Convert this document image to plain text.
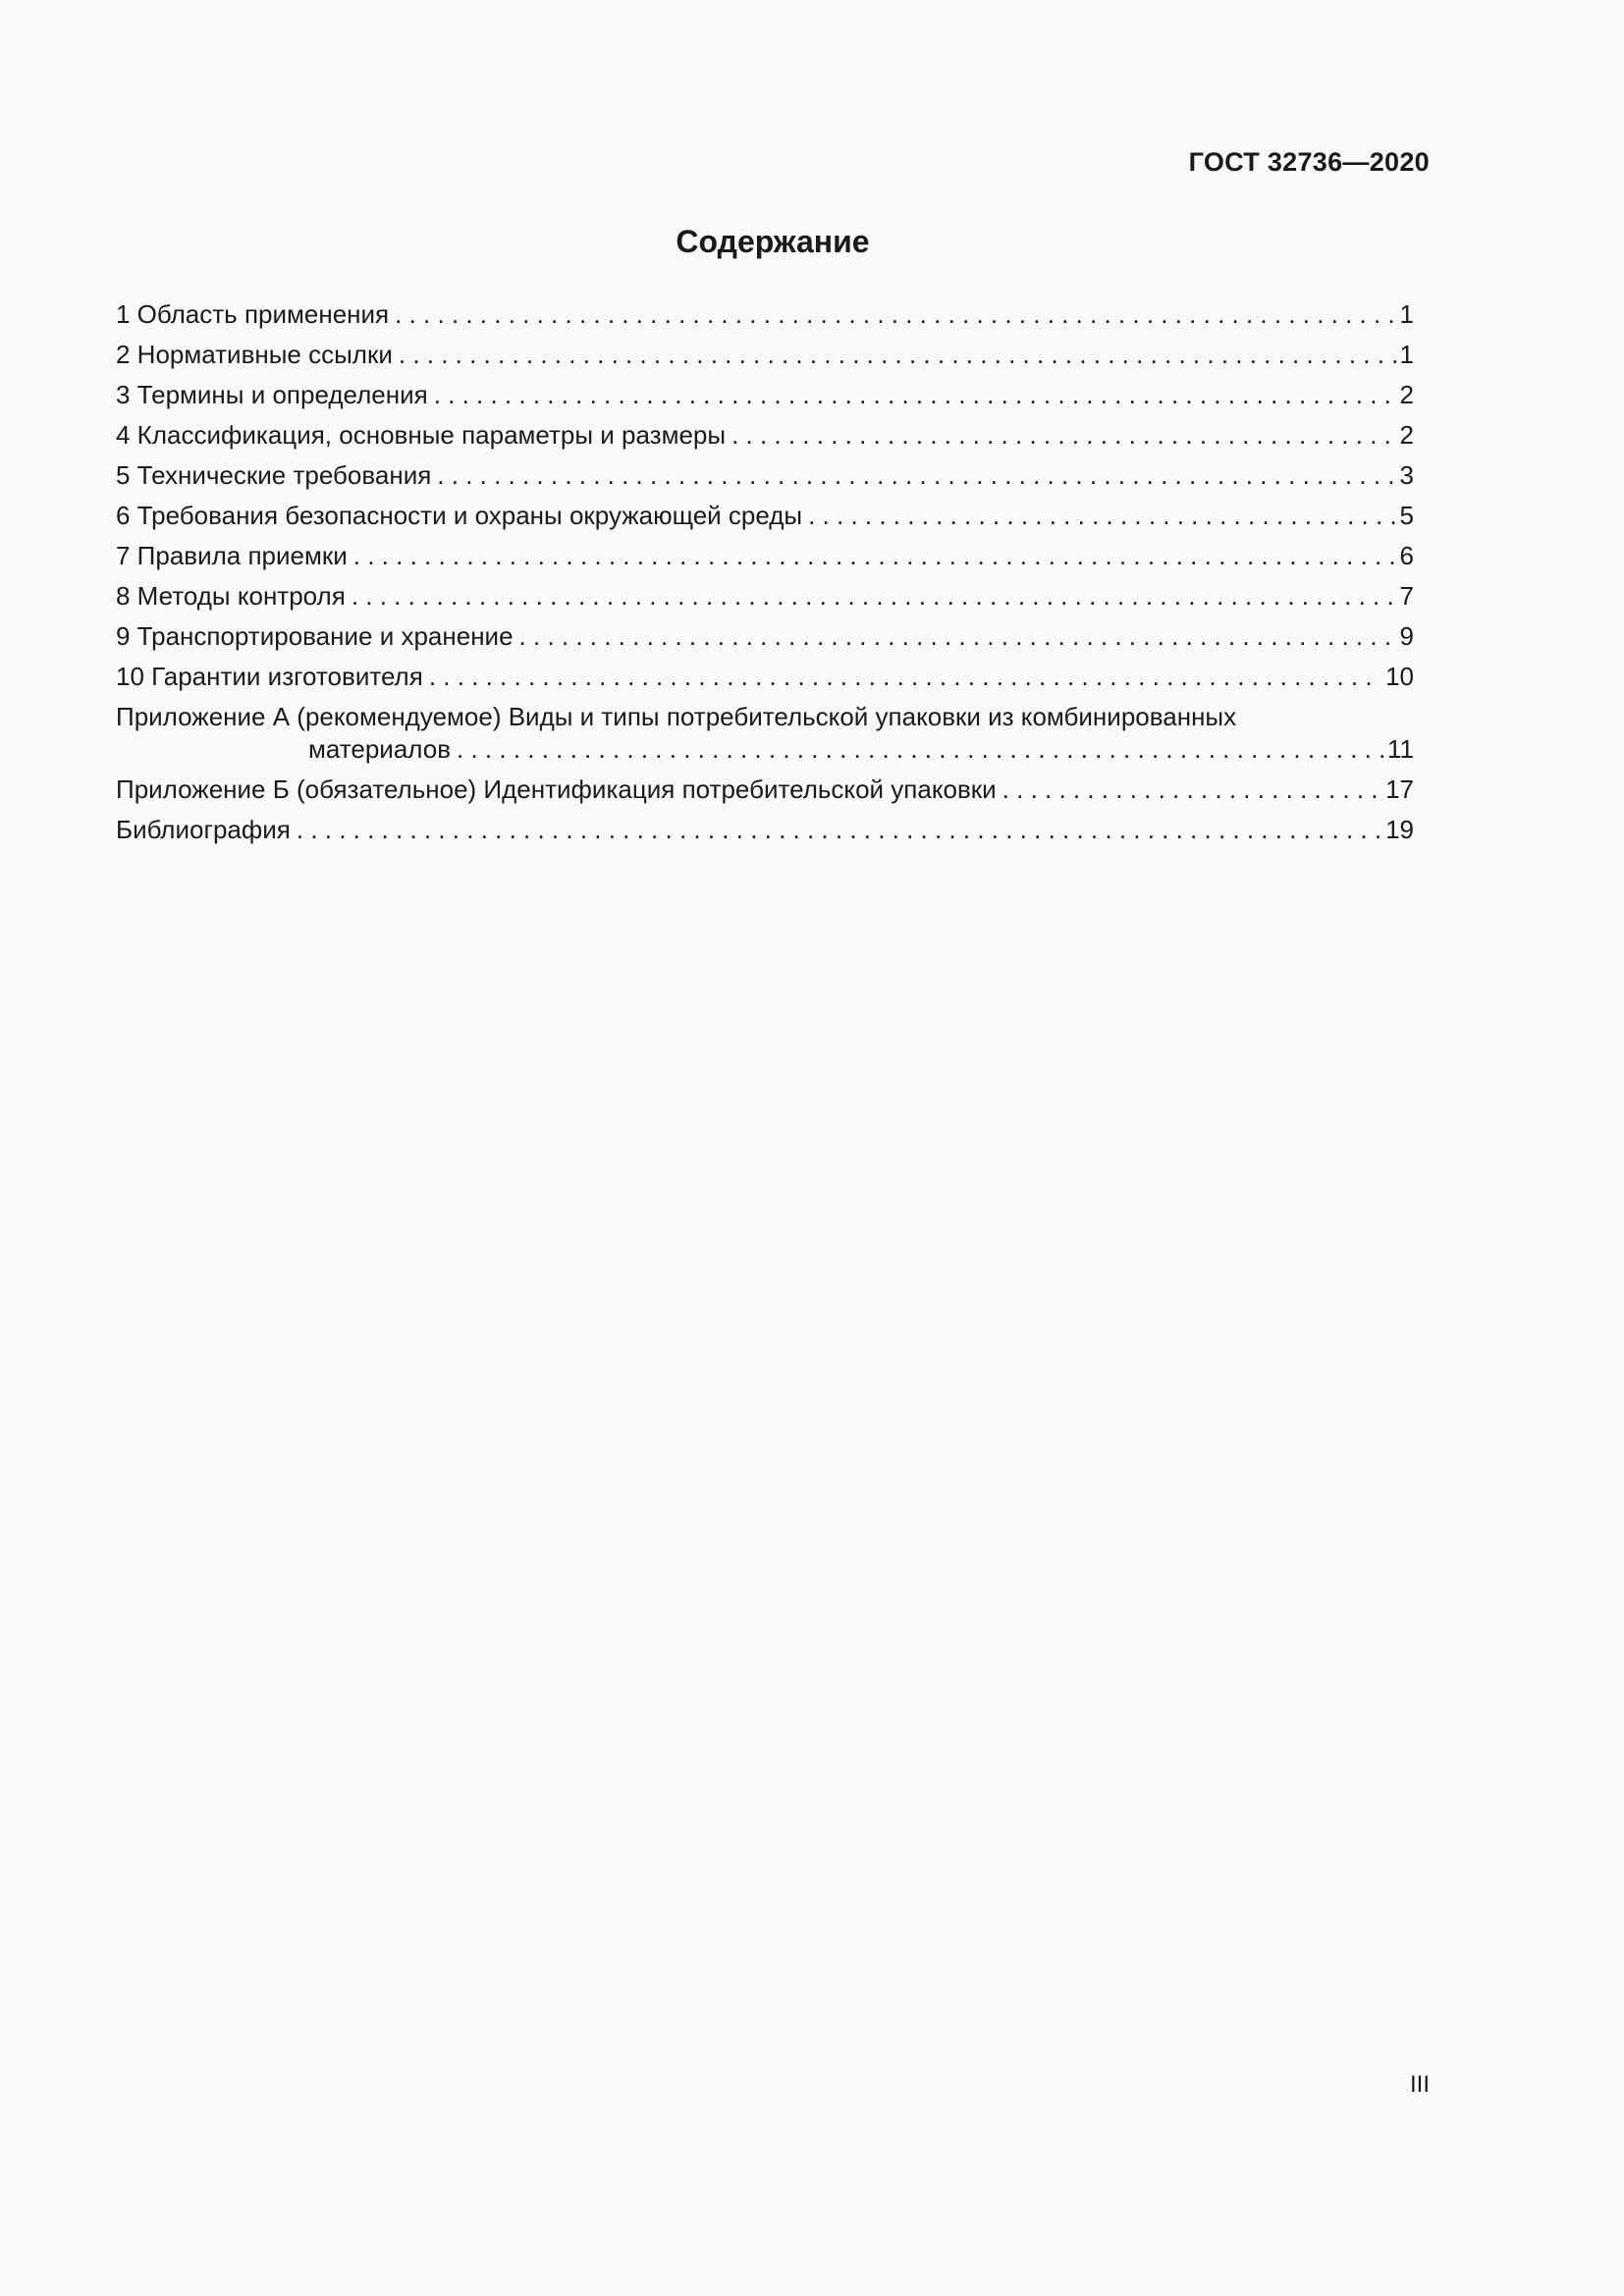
ГОСТ 32736—2020
Содержание
1 Область применения . . .	1
2 Нормативные ссылки . . .	1
3 Термины и определения . . .	2
4 Классификация, основные параметры и размеры . . .	2
5 Технические требования . . .	3
6 Требования безопасности и охраны окружающей среды . . .	5
7 Правила приемки . . .	6
8 Методы контроля . . .	7
9 Транспортирование и хранение . . .	9
10 Гарантии изготовителя . . .	10
Приложение А (рекомендуемое) Виды и типы потребительской упаковки из комбинированных
материалов . . .	11
Приложение Б (обязательное) Идентификация потребительской упаковки . . .	17
Библиография . . .	19
III
